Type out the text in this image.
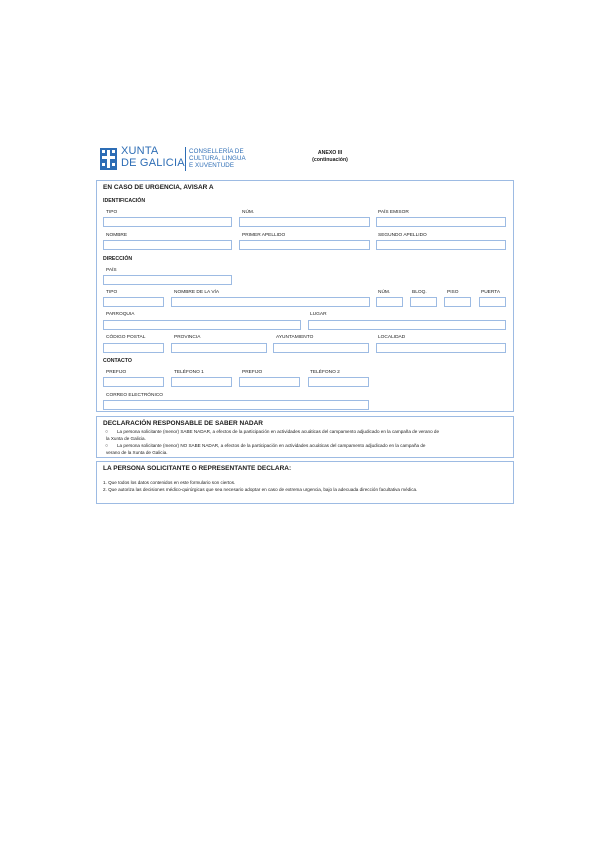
XUNTA
DE GALICIA
CONSELLERÍA DE
CULTURA, LINGUA
E XUVENTUDE
ANEXO III
(continuación)
EN CASO DE URGENCIA, AVISAR A
IDENTIFICACIÓN
TIPO	NÚM.	PAÍS EMISOR
NOMBRE	PRIMER APELLIDO	SEGUNDO APELLIDO
DIRECCIÓN
PAÍS
TIPO	NOMBRE DE LA VÍA	NÚM.	BLOQ.	PISO	PUERTA
PARROQUIA	LUGAR
CÓDIGO POSTAL	PROVINCIA	AYUNTAMIENTO	LOCALIDAD
CONTACTO
PREFIJO	TELÉFONO 1	PREFIJO	TELÉFONO 2
CORREO ELECTRÓNICO
DECLARACIÓN RESPONSABLE DE SABER NADAR
○ La persona solicitante (menor) SABE NADAR, a efectos de la participación en actividades acuáticas del campamento adjudicado en la campaña de verano de
la Xunta de Galicia.
○ La persona solicitante (menor) NO SABE NADAR, a efectos de la participación en actividades acuáticas del campamento adjudicado en la campaña de
verano de la Xunta de Galicia.
LA PERSONA SOLICITANTE O REPRESENTANTE DECLARA:
1. Que todos los datos contenidos en este formulario son ciertos.
2. Que autoriza las decisiones médico-quirúrgicas que sea necesario adoptar en caso de extrema urgencia, bajo la adecuada dirección facultativa médica.
